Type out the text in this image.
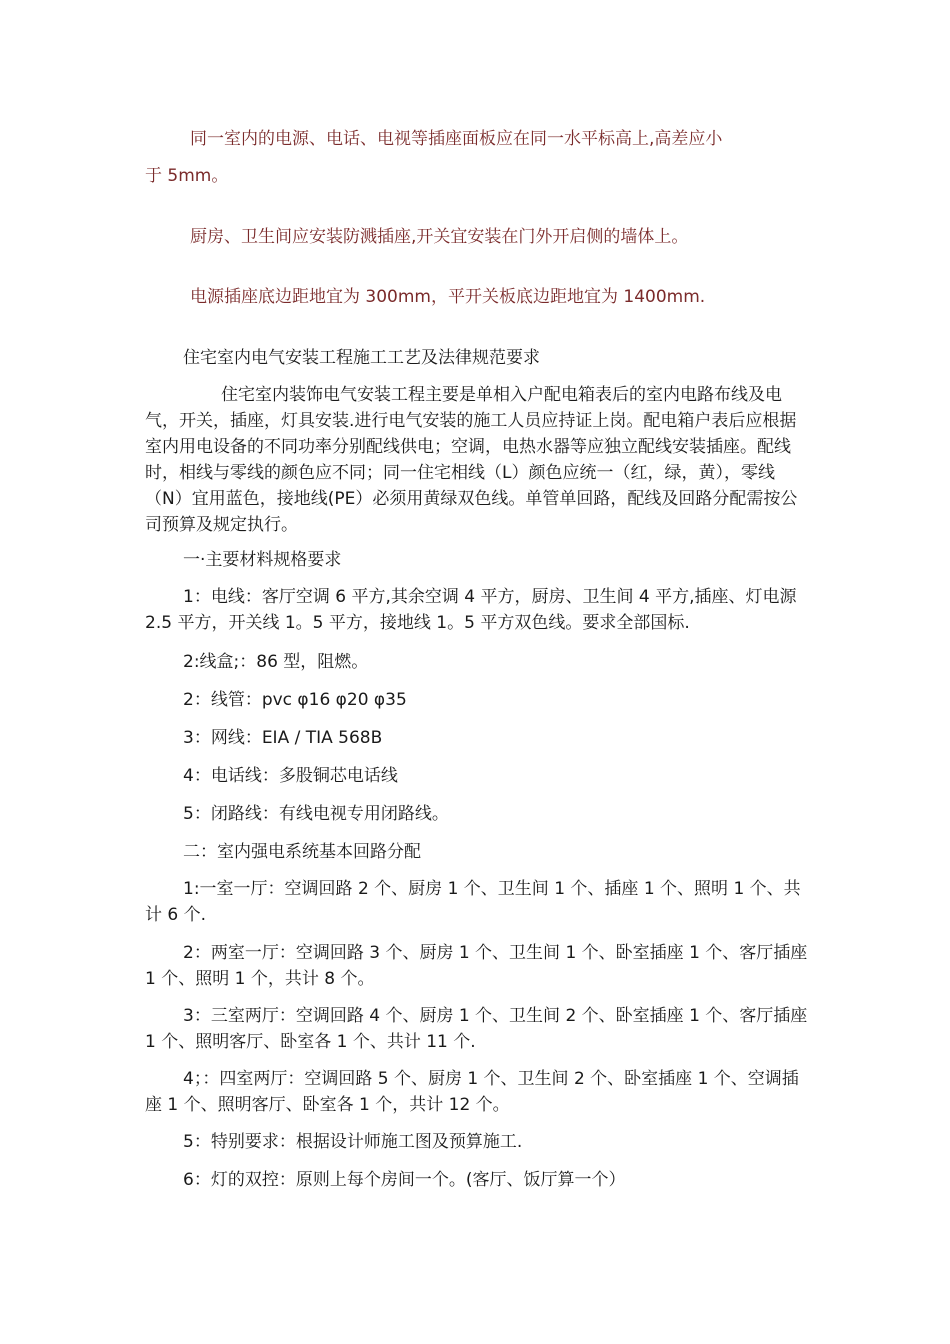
同一室内的电源、电话、电视等插座面板应在同一水平标高上,高差应小
于 5mm。
厨房、卫生间应安装防溅插座,开关宜安装在门外开启侧的墙体上。
电源插座底边距地宜为 300mm，平开关板底边距地宜为 1400mm.
住宅室内电气安装工程施工工艺及法律规范要求
住宅室内装饰电气安装工程主要是单相入户配电箱表后的室内电路布线及电气，开关，插座，灯具安装.进行电气安装的施工人员应持证上岗。配电箱户表后应根据室内用电设备的不同功率分别配线供电；空调，电热水器等应独立配线安装插座。配线时，相线与零线的颜色应不同；同一住宅相线（L）颜色应统一（红，绿，黄），零线（N）宜用蓝色，接地线(PE）必须用黄绿双色线。单管单回路，配线及回路分配需按公司预算及规定执行。
一·主要材料规格要求
1：电线：客厅空调 6 平方,其余空调 4 平方，厨房、卫生间 4 平方,插座、灯电源 2.5 平方，开关线 1。5 平方，接地线 1。5 平方双色线。要求全部国标.
2:线盒;：86 型，阻燃。
2：线管：pvc φ16 φ20 φ35
3：网线：EIA / TIA 568B
4：电话线：多股铜芯电话线
5：闭路线：有线电视专用闭路线。
二：室内强电系统基本回路分配
1:一室一厅：空调回路 2 个、厨房 1 个、卫生间 1 个、插座 1 个、照明 1 个、共计 6 个.
2：两室一厅：空调回路 3 个、厨房 1 个、卫生间 1 个、卧室插座 1 个、客厅插座 1 个、照明 1 个，共计 8 个。
3：三室两厅：空调回路 4 个、厨房 1 个、卫生间 2 个、卧室插座 1 个、客厅插座 1 个、照明客厅、卧室各 1 个、共计 11 个.
4；：四室两厅：空调回路 5 个、厨房 1 个、卫生间 2 个、卧室插座 1 个、空调插座 1 个、照明客厅、卧室各 1 个，共计 12 个。
5：特别要求：根据设计师施工图及预算施工.
6：灯的双控：原则上每个房间一个。(客厅、饭厅算一个）
